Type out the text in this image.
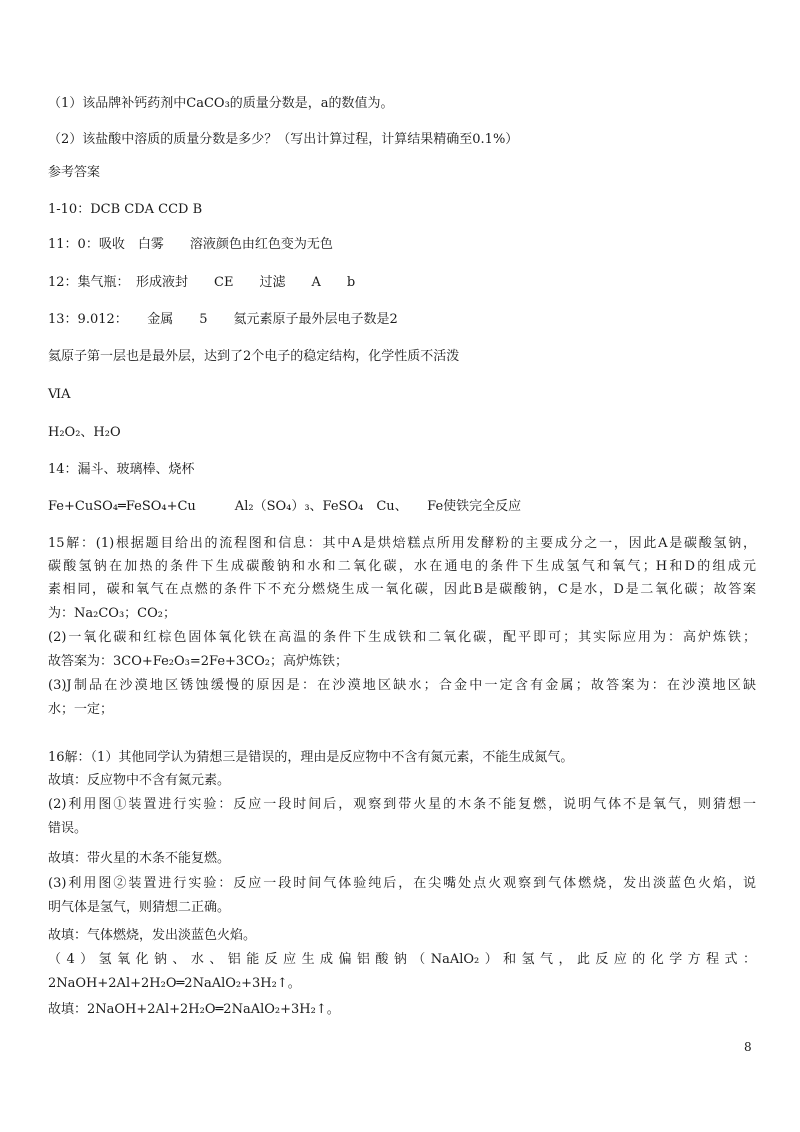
（1）该品牌补钙药剂中CaCO₃的质量分数是，a的数值为。
（2）该盐酸中溶质的质量分数是多少？（写出计算过程，计算结果精确至0.1%）
参考答案
1-10：DCB CDA CCD B
11：0：吸收　白雾　　溶液颜色由红色变为无色
12：集气瓶：　形成液封　　CE　　过滤　　A　　b
13：9.012：　　金属　　5　　氦元素原子最外层电子数是2
氦原子第一层也是最外层，达到了2个电子的稳定结构，化学性质不活泼
ⅥA
H₂O₂、H₂O
14：漏斗、玻璃棒、烧杯
Fe+CuSO₄═FeSO₄+Cu　　　Al₂（SO₄）₃、FeSO₄　Cu、　　Fe使铁完全反应
15解：(1)根据题目给出的流程图和信息：其中A是烘焙糕点所用发酵粉的主要成分之一，因此A是碳酸氢钠，
碳酸氢钠在加热的条件下生成碳酸钠和水和二氧化碳，水在通电的条件下生成氢气和氧气；H和D的组成元
素相同，碳和氧气在点燃的条件下不充分燃烧生成一氧化碳，因此B是碳酸钠，C是水，D是二氧化碳；故答案
为：Na₂CO₃；CO₂；
(2)一氧化碳和红棕色固体氧化铁在高温的条件下生成铁和二氧化碳，配平即可；其实际应用为：高炉炼铁；
故答案为：3CO+Fe₂O₃=2Fe+3CO₂；高炉炼铁；
(3)J制品在沙漠地区锈蚀缓慢的原因是：在沙漠地区缺水；合金中一定含有金属；故答案为：在沙漠地区缺
水；一定；
16解：（1）其他同学认为猜想三是错误的，理由是反应物中不含有氮元素，不能生成氮气。
故填：反应物中不含有氮元素。
(2)利用图①装置进行实验：反应一段时间后，观察到带火星的木条不能复燃，说明气体不是氧气，则猜想一
错误。
故填：带火星的木条不能复燃。
(3)利用图②装置进行实验：反应一段时间气体验纯后，在尖嘴处点火观察到气体燃烧，发出淡蓝色火焰，说
明气体是氢气，则猜想二正确。
故填：气体燃烧，发出淡蓝色火焰。
（4）氢氧化钠、水、铝能反应生成偏铝酸钠（NaAlO₂）和氢气，此反应的化学方程式：
2NaOH+2Al+2H₂O═2NaAlO₂+3H₂↑。
故填：2NaOH+2Al+2H₂O═2NaAlO₂+3H₂↑。
8
